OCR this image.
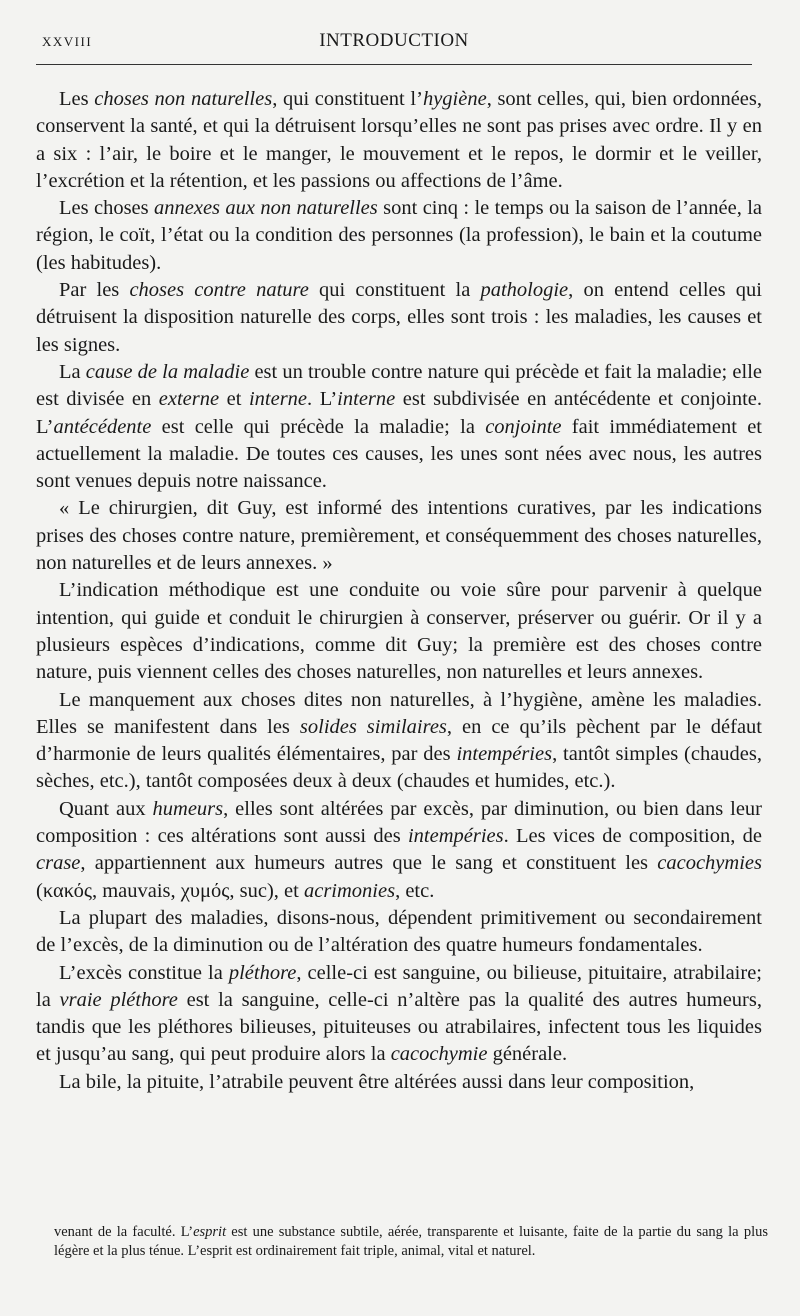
XXVIII	INTRODUCTION

Les choses non naturelles, qui constituent l’hygiène, sont celles, qui, bien ordonnées, conservent la santé, et qui la détruisent lorsqu’elles ne sont pas prises avec ordre. Il y en a six : l’air, le boire et le manger, le mouvement et le repos, le dormir et le veiller, l’excrétion et la rétention, et les passions ou affections de l’âme.

Les choses annexes aux non naturelles sont cinq : le temps ou la saison de l’année, la région, le coït, l’état ou la condition des personnes (la profession), le bain et la coutume (les habitudes).

Par les choses contre nature qui constituent la pathologie, on entend celles qui détruisent la disposition naturelle des corps, elles sont trois : les maladies, les causes et les signes.

La cause de la maladie est un trouble contre nature qui précède et fait la maladie; elle est divisée en externe et interne. L’interne est subdivisée en antécédente et conjointe. L’antécédente est celle qui précède la maladie; la conjointe fait immédiatement et actuellement la maladie. De toutes ces causes, les unes sont nées avec nous, les autres sont venues depuis notre naissance.

« Le chirurgien, dit Guy, est informé des intentions curatives, par les indications prises des choses contre nature, premièrement, et conséquemment des choses naturelles, non naturelles et de leurs annexes. »

L’indication méthodique est une conduite ou voie sûre pour parvenir à quelque intention, qui guide et conduit le chirurgien à conserver, préserver ou guérir. Or il y a plusieurs espèces d’indications, comme dit Guy; la première est des choses contre nature, puis viennent celles des choses naturelles, non naturelles et leurs annexes.

Le manquement aux choses dites non naturelles, à l’hygiène, amène les maladies. Elles se manifestent dans les solides similaires, en ce qu’ils pèchent par le défaut d’harmonie de leurs qualités élémentaires, par des intempéries, tantôt simples (chaudes, sèches, etc.), tantôt composées deux à deux (chaudes et humides, etc.).

Quant aux humeurs, elles sont altérées par excès, par diminution, ou bien dans leur composition : ces altérations sont aussi des intempéries. Les vices de composition, de crase, appartiennent aux humeurs autres que le sang et constituent les cacochymies (κακός, mauvais, χυμός, suc), et acrimonies, etc.

La plupart des maladies, disons-nous, dépendent primitivement ou secondairement de l’excès, de la diminution ou de l’altération des quatre humeurs fondamentales.

L’excès constitue la pléthore, celle-ci est sanguine, ou bilieuse, pituitaire, atrabilaire; la vraie pléthore est la sanguine, celle-ci n’altère pas la qualité des autres humeurs, tandis que les pléthores bilieuses, pituiteuses ou atrabilaires, infectent tous les liquides et jusqu’au sang, qui peut produire alors la cacochymie générale.

La bile, la pituite, l’atrabile peuvent être altérées aussi dans leur composition,

venant de la faculté. L’esprit est une substance subtile, aérée, transparente et luisante, faite de la partie du sang la plus légère et la plus ténue. L’esprit est ordinairement fait triple, animal, vital et naturel.
